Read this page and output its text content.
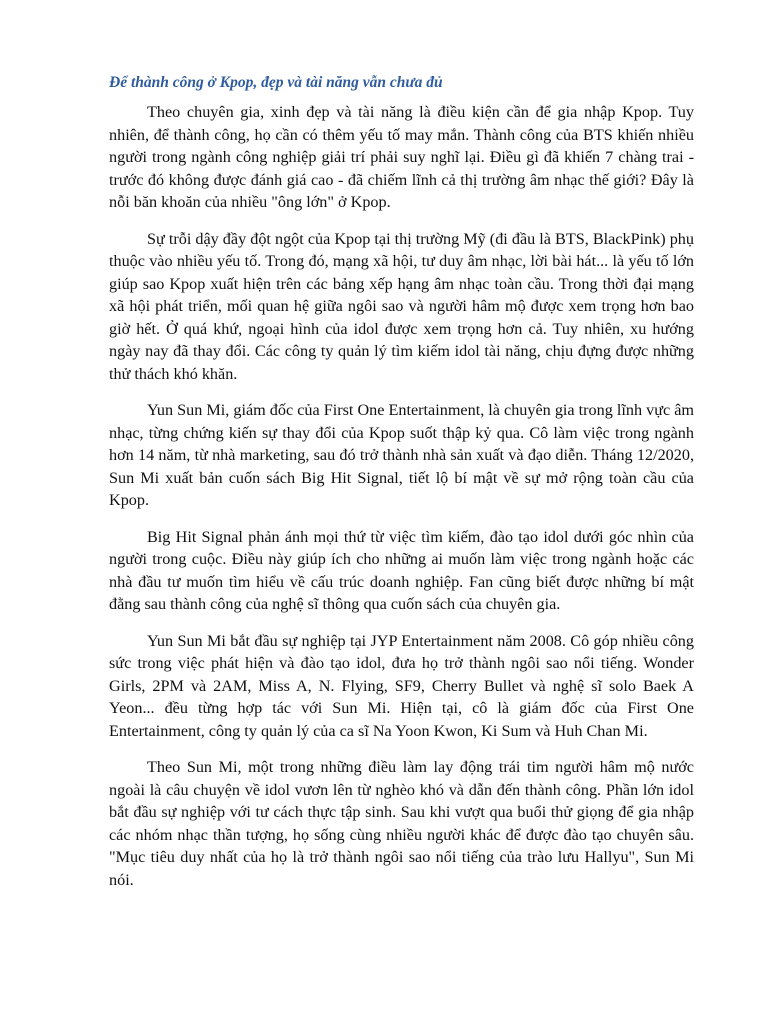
Để thành công ở Kpop, đẹp và tài năng vẫn chưa đủ

Theo chuyên gia, xinh đẹp và tài năng là điều kiện cần để gia nhập Kpop. Tuy nhiên, để thành công, họ cần có thêm yếu tố may mắn. Thành công của BTS khiến nhiều người trong ngành công nghiệp giải trí phải suy nghĩ lại. Điều gì đã khiến 7 chàng trai - trước đó không được đánh giá cao - đã chiếm lĩnh cả thị trường âm nhạc thế giới? Đây là nỗi băn khoăn của nhiều "ông lớn" ở Kpop.

Sự trỗi dậy đầy đột ngột của Kpop tại thị trường Mỹ (đi đầu là BTS, BlackPink) phụ thuộc vào nhiều yếu tố. Trong đó, mạng xã hội, tư duy âm nhạc, lời bài hát... là yếu tố lớn giúp sao Kpop xuất hiện trên các bảng xếp hạng âm nhạc toàn cầu. Trong thời đại mạng xã hội phát triển, mối quan hệ giữa ngôi sao và người hâm mộ được xem trọng hơn bao giờ hết. Ở quá khứ, ngoại hình của idol được xem trọng hơn cả. Tuy nhiên, xu hướng ngày nay đã thay đổi. Các công ty quản lý tìm kiếm idol tài năng, chịu đựng được những thử thách khó khăn.

Yun Sun Mi, giám đốc của First One Entertainment, là chuyên gia trong lĩnh vực âm nhạc, từng chứng kiến sự thay đổi của Kpop suốt thập kỷ qua. Cô làm việc trong ngành hơn 14 năm, từ nhà marketing, sau đó trở thành nhà sản xuất và đạo diễn. Tháng 12/2020, Sun Mi xuất bản cuốn sách Big Hit Signal, tiết lộ bí mật về sự mở rộng toàn cầu của Kpop.

Big Hit Signal phản ánh mọi thứ từ việc tìm kiếm, đào tạo idol dưới góc nhìn của người trong cuộc. Điều này giúp ích cho những ai muốn làm việc trong ngành hoặc các nhà đầu tư muốn tìm hiểu về cấu trúc doanh nghiệp. Fan cũng biết được những bí mật đằng sau thành công của nghệ sĩ thông qua cuốn sách của chuyên gia.

Yun Sun Mi bắt đầu sự nghiệp tại JYP Entertainment năm 2008. Cô góp nhiều công sức trong việc phát hiện và đào tạo idol, đưa họ trở thành ngôi sao nổi tiếng. Wonder Girls, 2PM và 2AM, Miss A, N. Flying, SF9, Cherry Bullet và nghệ sĩ solo Baek A Yeon... đều từng hợp tác với Sun Mi. Hiện tại, cô là giám đốc của First One Entertainment, công ty quản lý của ca sĩ Na Yoon Kwon, Ki Sum và Huh Chan Mi.

Theo Sun Mi, một trong những điều làm lay động trái tim người hâm mộ nước ngoài là câu chuyện về idol vươn lên từ nghèo khó và dẫn đến thành công. Phần lớn idol bắt đầu sự nghiệp với tư cách thực tập sinh. Sau khi vượt qua buổi thử giọng để gia nhập các nhóm nhạc thần tượng, họ sống cùng nhiều người khác để được đào tạo chuyên sâu. "Mục tiêu duy nhất của họ là trở thành ngôi sao nổi tiếng của trào lưu Hallyu", Sun Mi nói.
